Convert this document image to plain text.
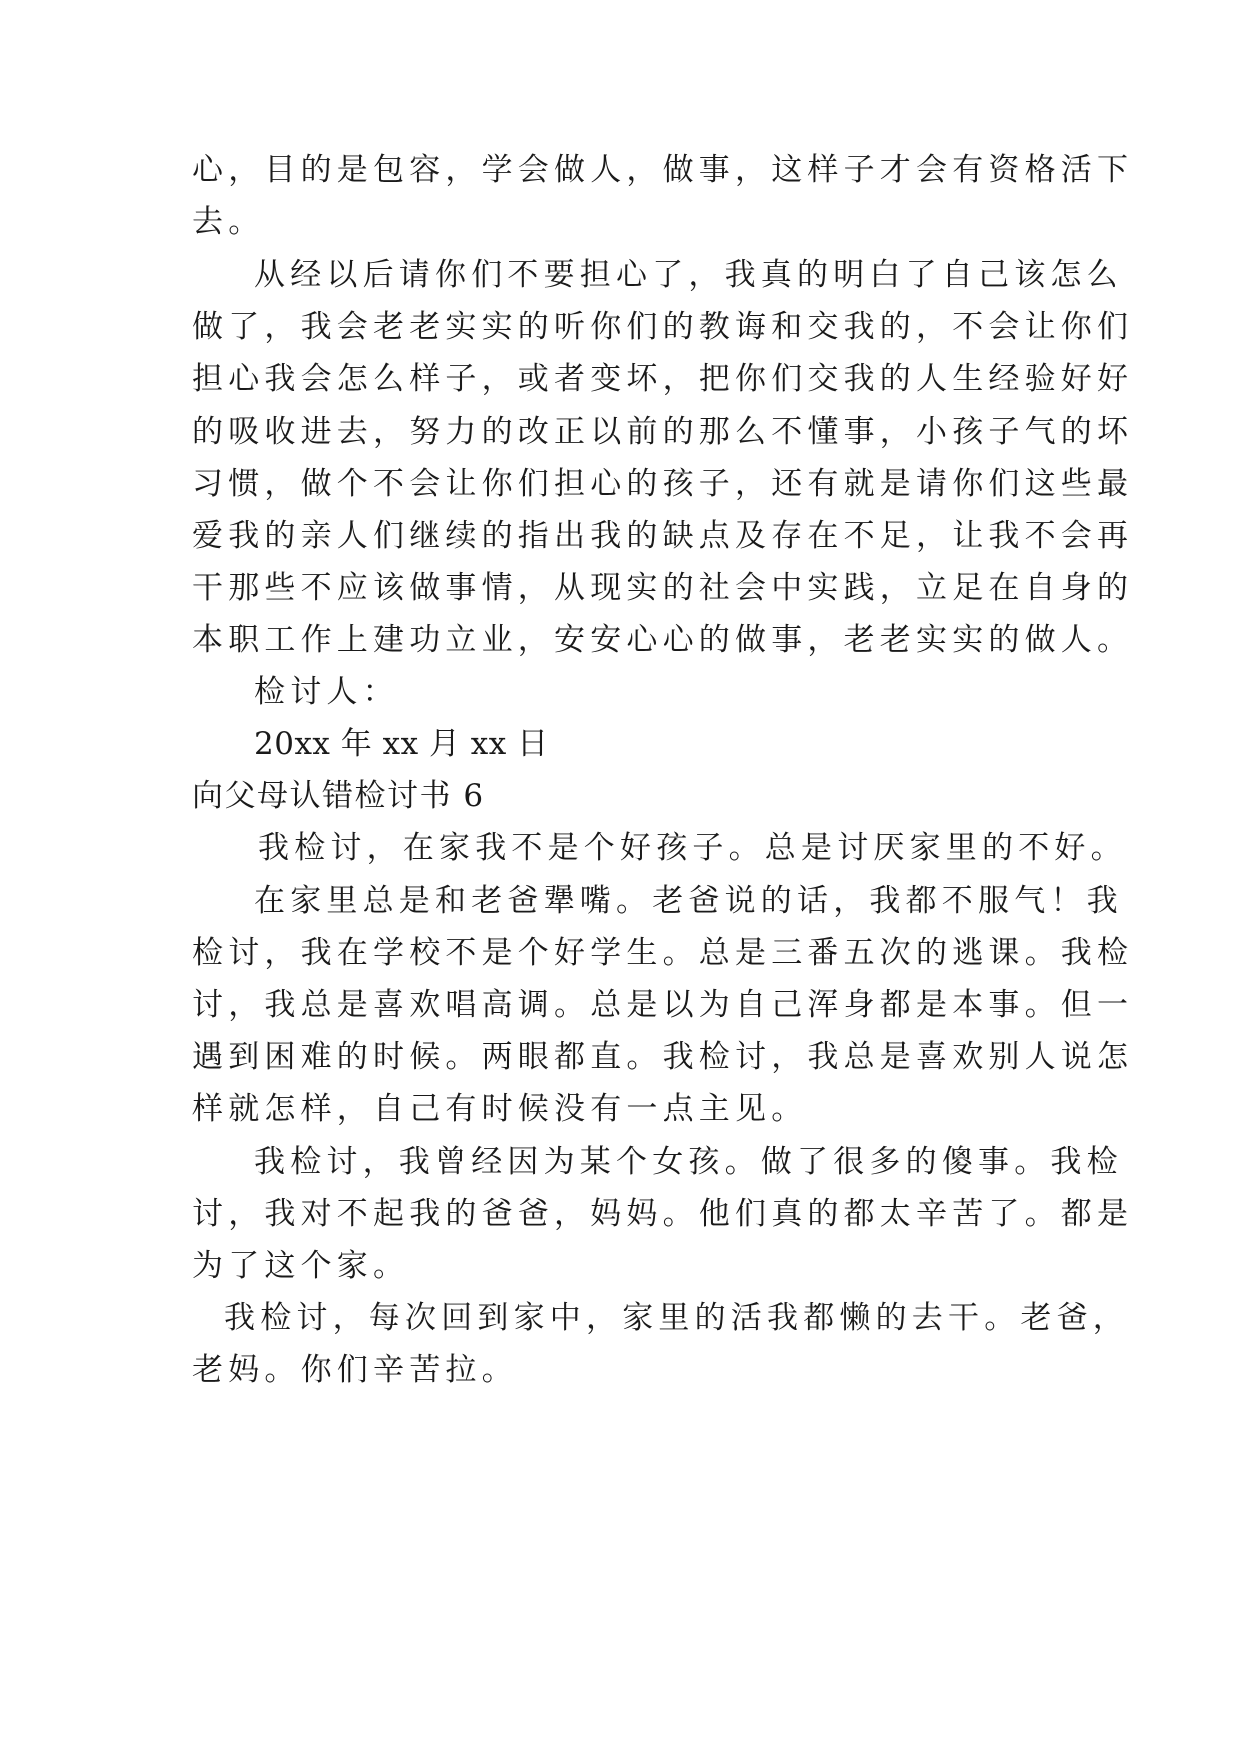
心，目的是包容，学会做人，做事，这样子才会有资格活下
去。
从经以后请你们不要担心了，我真的明白了自己该怎么
做了，我会老老实实的听你们的教诲和交我的，不会让你们
担心我会怎么样子，或者变坏，把你们交我的人生经验好好
的吸收进去，努力的改正以前的那么不懂事，小孩子气的坏
习惯，做个不会让你们担心的孩子，还有就是请你们这些最
爱我的亲人们继续的指出我的缺点及存在不足，让我不会再
干那些不应该做事情，从现实的社会中实践，立足在自身的
本职工作上建功立业，安安心心的做事，老老实实的做人。
检讨人：
20xx 年 xx 月 xx 日
向父母认错检讨书 6
我检讨，在家我不是个好孩子。总是讨厌家里的不好。
在家里总是和老爸犟嘴。老爸说的话，我都不服气！我
检讨，我在学校不是个好学生。总是三番五次的逃课。我检
讨，我总是喜欢唱高调。总是以为自己浑身都是本事。但一
遇到困难的时候。两眼都直。我检讨，我总是喜欢别人说怎
样就怎样，自己有时候没有一点主见。
我检讨，我曾经因为某个女孩。做了很多的傻事。我检
讨，我对不起我的爸爸，妈妈。他们真的都太辛苦了。都是
为了这个家。
我检讨，每次回到家中，家里的活我都懒的去干。老爸，
老妈。你们辛苦拉。
